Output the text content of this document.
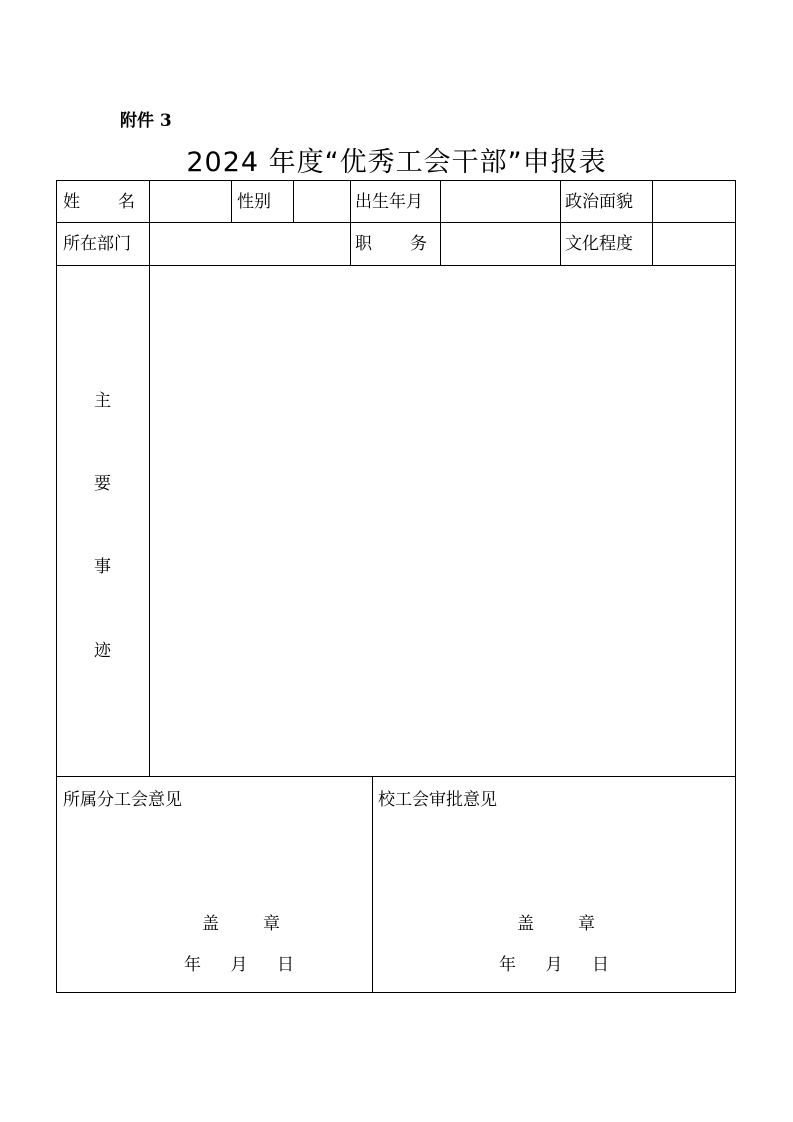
附件 3
2024 年度“优秀工会干部”申报表
姓 名	性别	出生年月	政治面貌
所在部门	职 务	文化程度
主
要
事
迹
所属分工会意见	校工会审批意见
盖	章
年 月 日
盖	章
年 月 日
